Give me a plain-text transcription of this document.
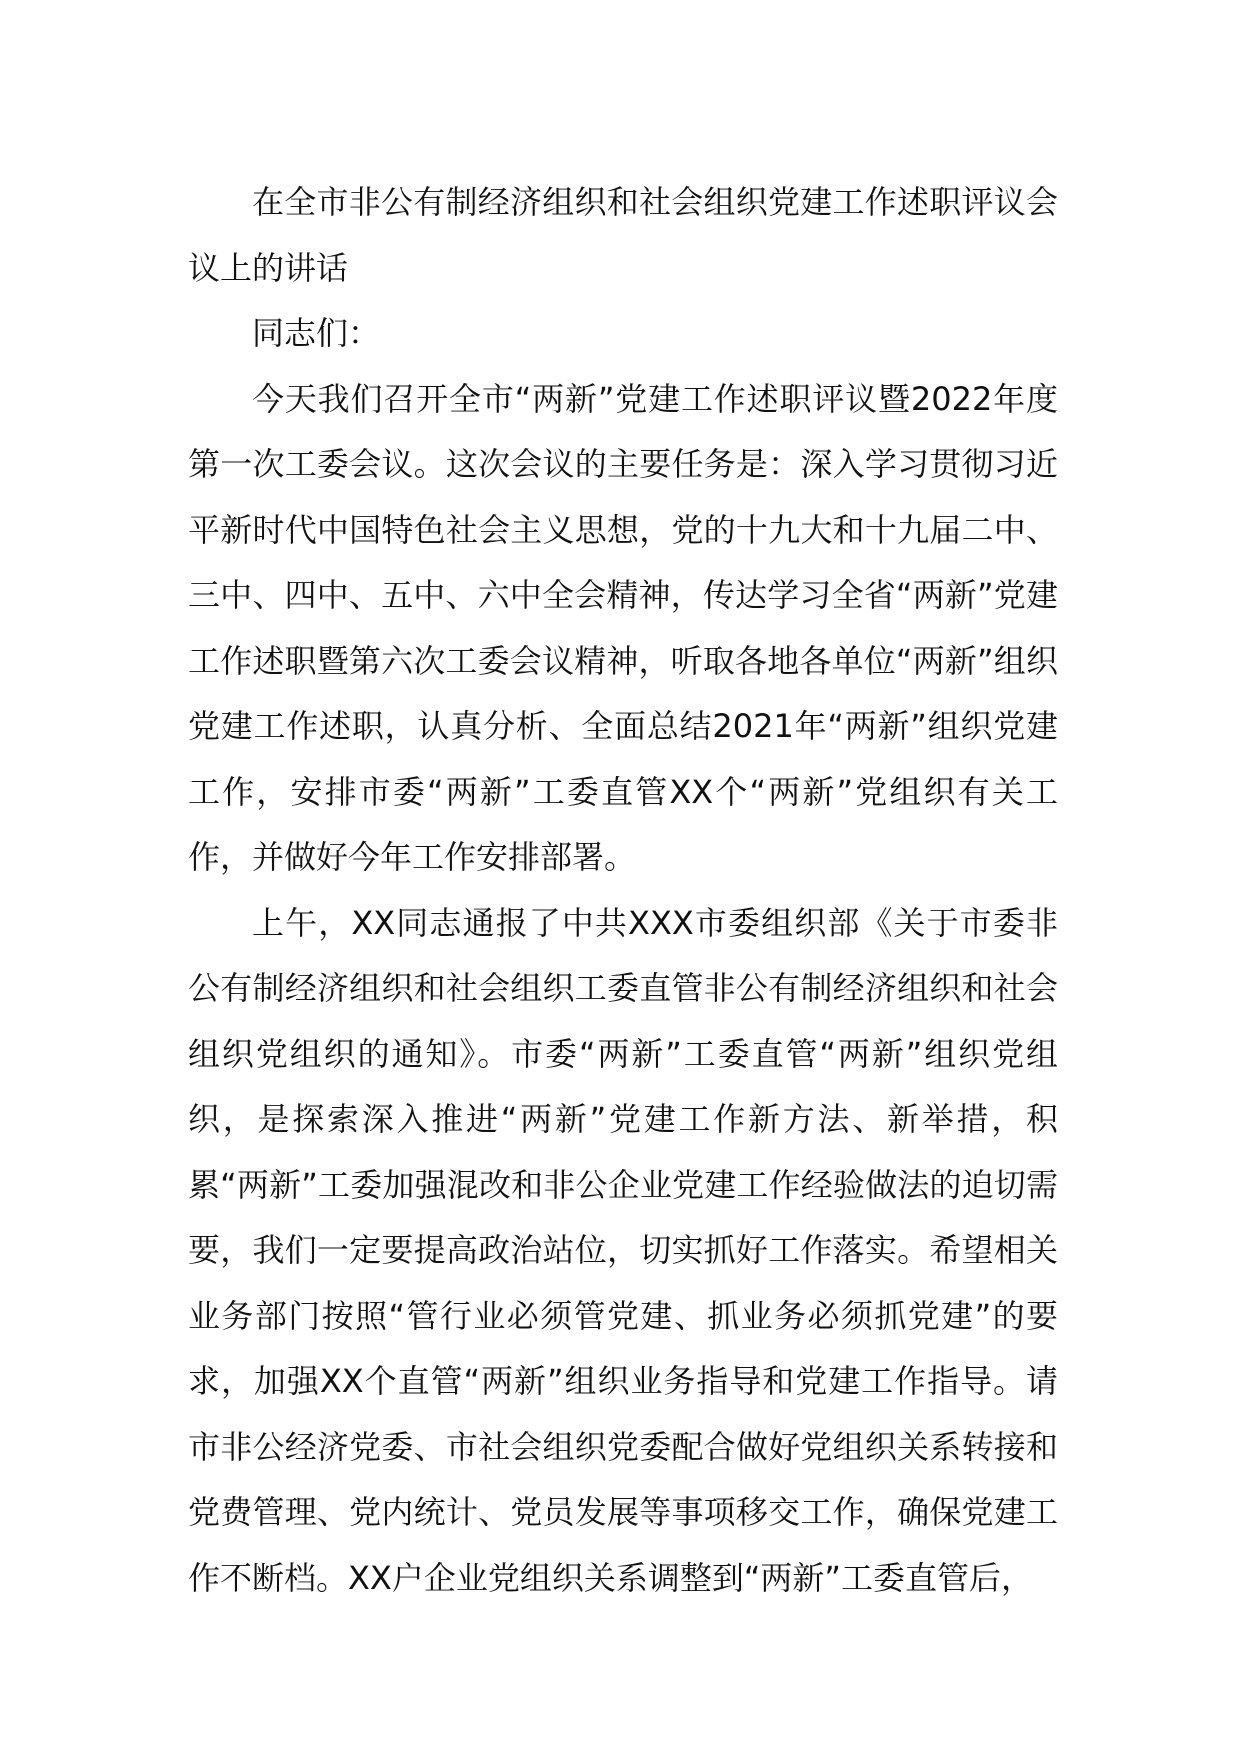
在全市非公有制经济组织和社会组织党建工作述职评议会议上的讲话

同志们：

今天我们召开全市“两新”党建工作述职评议暨2022年度第一次工委会议。这次会议的主要任务是：深入学习贯彻习近平新时代中国特色社会主义思想，党的十九大和十九届二中、三中、四中、五中、六中全会精神，传达学习全省“两新”党建工作述职暨第六次工委会议精神，听取各地各单位“两新”组织党建工作述职，认真分析、全面总结2021年“两新”组织党建工作，安排市委“两新”工委直管XX个“两新”党组织有关工作，并做好今年工作安排部署。

上午，XX同志通报了中共XXX市委组织部《关于市委非公有制经济组织和社会组织工委直管非公有制经济组织和社会组织党组织的通知》。市委“两新”工委直管“两新”组织党组织，是探索深入推进“两新”党建工作新方法、新举措，积累“两新”工委加强混改和非公企业党建工作经验做法的迫切需要，我们一定要提高政治站位，切实抓好工作落实。希望相关业务部门按照“管行业必须管党建、抓业务必须抓党建”的要求，加强XX个直管“两新”组织业务指导和党建工作指导。请市非公经济党委、市社会组织党委配合做好党组织关系转接和党费管理、党内统计、党员发展等事项移交工作，确保党建工作不断档。XX户企业党组织关系调整到“两新”工委直管后，
